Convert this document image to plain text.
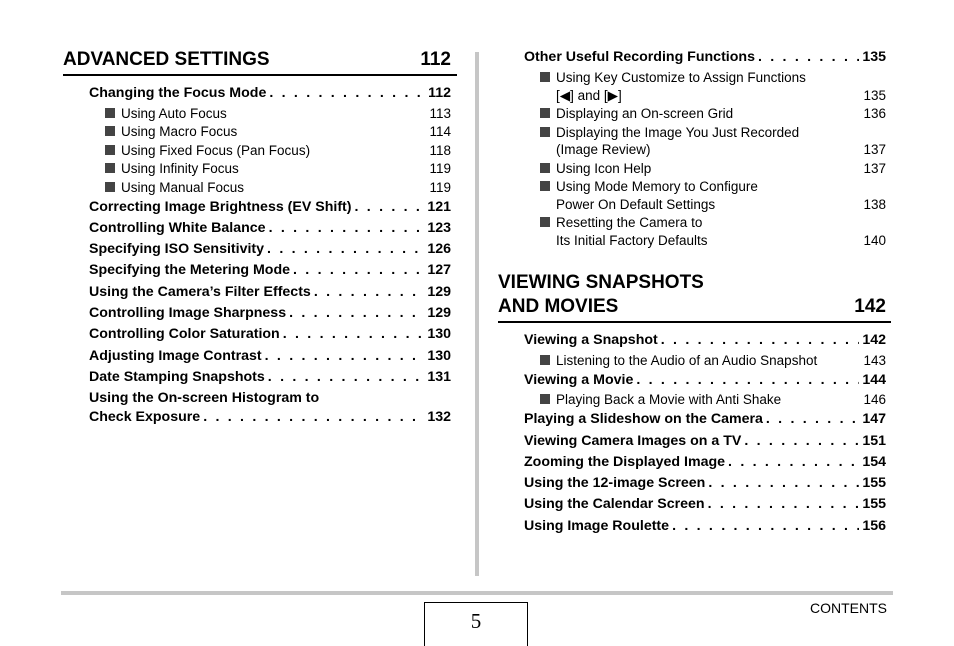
ADVANCED SETTINGS	112
Changing the Focus Mode . . .	112
Using Auto Focus	113
Using Macro Focus	114
Using Fixed Focus (Pan Focus)	118
Using Infinity Focus	119
Using Manual Focus	119
Correcting Image Brightness (EV Shift) . . .	121
Controlling White Balance . . .	123
Specifying ISO Sensitivity . . .	126
Specifying the Metering Mode . . .	127
Using the Camera’s Filter Effects . . .	129
Controlling Image Sharpness . . .	129
Controlling Color Saturation . . .	130
Adjusting Image Contrast . . .	130
Date Stamping Snapshots . . .	131
Using the On-screen Histogram to
Check Exposure . . .	132
Other Useful Recording Functions . . .	135
Using Key Customize to Assign Functions
[◀] and [▶]	135
Displaying an On-screen Grid	136
Displaying the Image You Just Recorded
(Image Review)	137
Using Icon Help	137
Using Mode Memory to Configure
Power On Default Settings	138
Resetting the Camera to
Its Initial Factory Defaults	140
VIEWING SNAPSHOTS
AND MOVIES	142
Viewing a Snapshot . . .	142
Listening to the Audio of an Audio Snapshot	143
Viewing a Movie . . .	144
Playing Back a Movie with Anti Shake	146
Playing a Slideshow on the Camera . . .	147
Viewing Camera Images on a TV . . .	151
Zooming the Displayed Image . . .	154
Using the 12-image Screen . . .	155
Using the Calendar Screen . . .	155
Using Image Roulette . . .	156
5
CONTENTS
